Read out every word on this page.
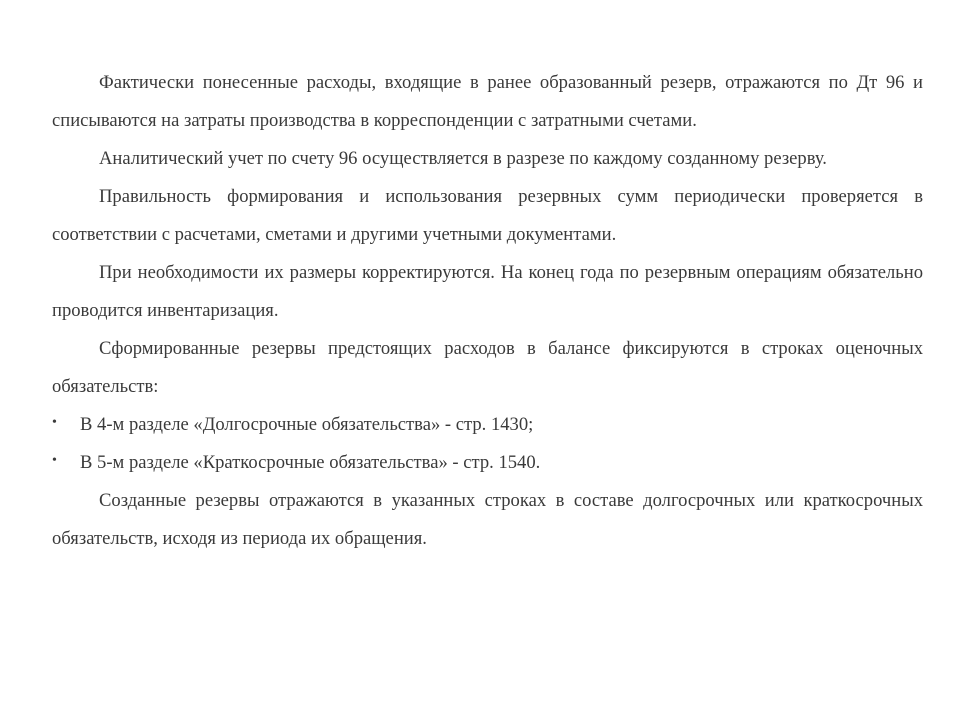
Фактически понесенные расходы, входящие в ранее образованный резерв, отражаются по Дт 96 и списываются на затраты производства в корреспонденции с затратными счетами.

Аналитический учет по счету 96 осуществляется в разрезе по каждому созданному резерву.

Правильность формирования и использования резервных сумм периодически проверяется в соответствии с расчетами, сметами и другими учетными документами.

При необходимости их размеры корректируются. На конец года по резервным операциям обязательно проводится инвентаризация.

Сформированные резервы предстоящих расходов в балансе фиксируются в строках оценочных обязательств:

• В 4-м разделе «Долгосрочные обязательства» - стр. 1430;
• В 5-м разделе «Краткосрочные обязательства» - стр. 1540.

Созданные резервы отражаются в указанных строках в составе долгосрочных или краткосрочных обязательств, исходя из периода их обращения.
